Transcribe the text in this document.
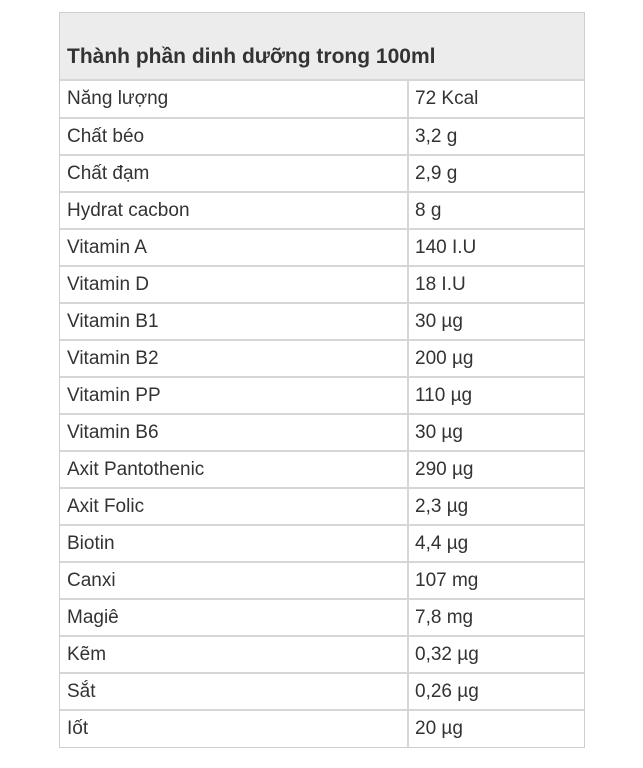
Thành phần dinh dưỡng trong 100ml
Năng lượng	72 Kcal
Chất béo	3,2 g
Chất đạm	2,9 g
Hydrat cacbon	8 g
Vitamin A	140 I.U
Vitamin D	18 I.U
Vitamin B1	30 µg
Vitamin B2	200 µg
Vitamin PP	110 µg
Vitamin B6	30 µg
Axit Pantothenic	290 µg
Axit Folic	2,3 µg
Biotin	4,4 µg
Canxi	107 mg
Magiê	7,8 mg
Kẽm	0,32 µg
Sắt	0,26 µg
Iốt	20 µg
